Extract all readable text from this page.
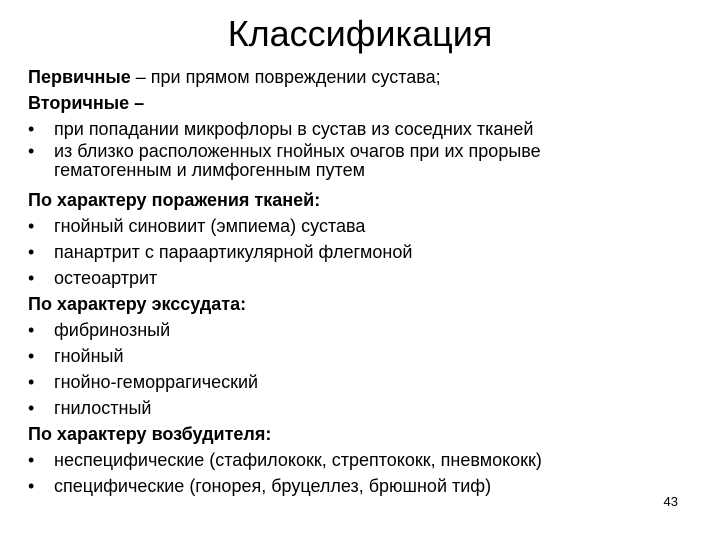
Классификация
Первичные – при прямом повреждении сустава;
Вторичные –
•	при попадании микрофлоры в сустав из соседних тканей
•	из близко расположенных гнойных очагов при их прорыве
гематогенным и лимфогенным путем
По характеру поражения тканей:
•	гнойный синовиит (эмпиема) сустава
•	панартрит с параартикулярной флегмоной
•	остеоартрит
По характеру экссудата:
•	фибринозный
•	гнойный
•	гнойно-геморрагический
•	гнилостный
По характеру возбудителя:
•	неспецифические (стафилококк, стрептококк, пневмококк)
•	специфические (гонорея, бруцеллез, брюшной тиф)
43
